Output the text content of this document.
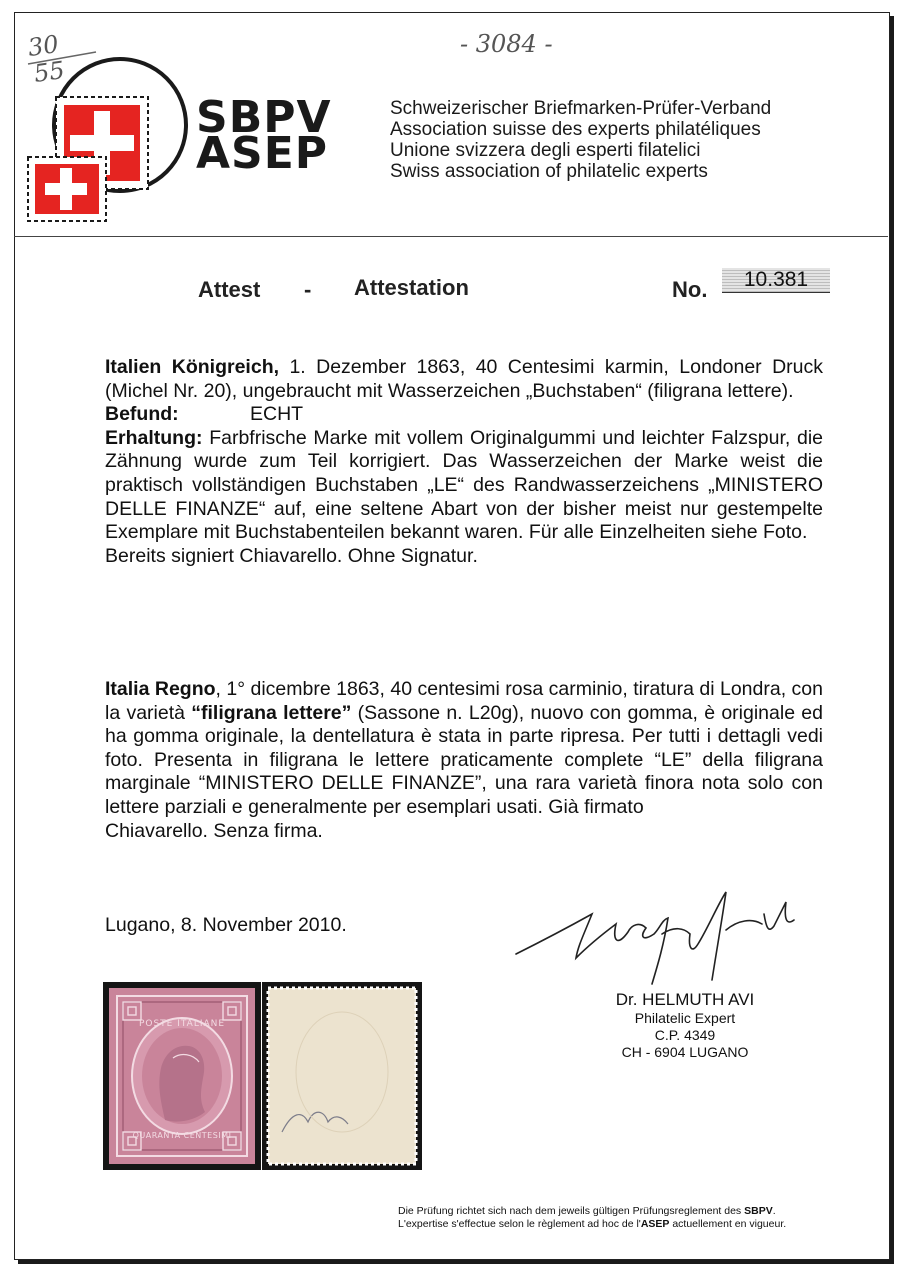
30
55
- 3084 -
SBPV
ASEP
Schweizerischer Briefmarken-Prüfer-Verband
Association suisse des experts philatéliques
Unione svizzera degli esperti filatelici
Swiss association of philatelic experts
Attest - Attestation	No.	10.381

Italien Königreich, 1. Dezember 1863, 40 Centesimi karmin, Londoner Druck (Michel Nr. 20), ungebraucht mit Wasserzeichen „Buchstaben“ (filigrana lettere).

Befund:	ECHT

Erhaltung: Farbfrische Marke mit vollem Originalgummi und leichter Falzspur, die Zähnung wurde zum Teil korrigiert. Das Wasserzeichen der Marke weist die praktisch vollständigen Buchstaben „LE“ des Randwasserzeichens „MINISTERO DELLE FINANZE“ auf, eine seltene Abart von der bisher meist nur gestempelte Exemplare mit Buchstabenteilen bekannt waren. Für alle Einzelheiten siehe Foto.

Bereits signiert Chiavarello. Ohne Signatur.

Italia Regno, 1° dicembre 1863, 40 centesimi rosa carminio, tiratura di Londra, con la varietà “filigrana lettere” (Sassone n. L20g), nuovo con gomma, è originale ed ha gomma originale, la dentellatura è stata in parte ripresa. Per tutti i dettagli vedi foto. Presenta in filigrana le lettere praticamente complete “LE” della filigrana marginale “MINISTERO DELLE FINANZE”, una rara varietà finora nota solo con lettere parziali e generalmente per esemplari usati. Già firmato

Chiavarello. Senza firma.

Lugano, 8. November 2010.
Dr. HELMUTH AVI
Philatelic Expert
C.P. 4349
CH - 6904 LUGANO
POSTE ITALIANE
QUARANTA CENTESIMI
Die Prüfung richtet sich nach dem jeweils gültigen Prüfungsreglement des SBPV.
L'expertise s'effectue selon le règlement ad hoc de l'ASEP actuellement en vigueur.
